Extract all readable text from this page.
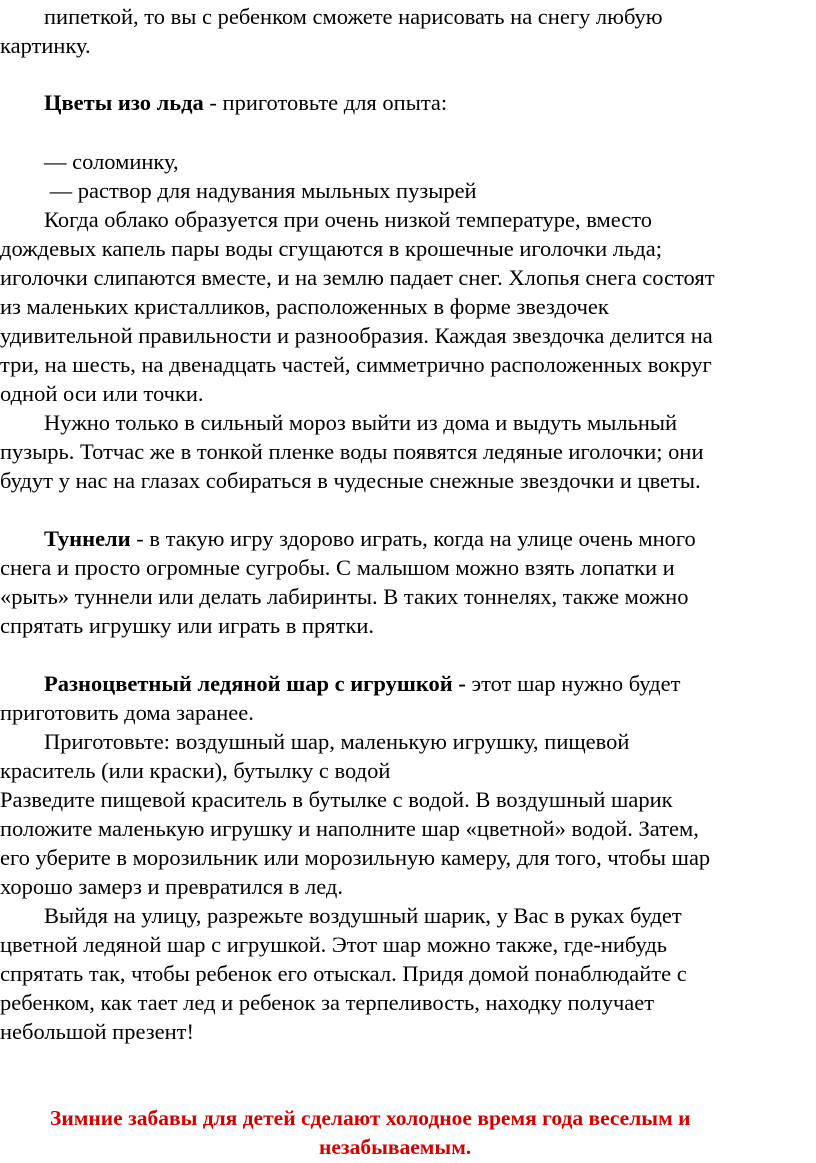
пипеткой, то вы с ребенком сможете нарисовать на снегу любую
картинку.
Цветы изо льда - приготовьте для опыта:
— соломинку,
— раствор для надувания мыльных пузырей
Когда облако образуется при очень низкой температуре, вместо
дождевых капель пары воды сгущаются в крошечные иголочки льда;
иголочки слипаются вместе, и на землю падает снег. Хлопья снега состоят
из маленьких кристалликов, расположенных в форме звездочек
удивительной правильности и разнообразия. Каждая звездочка делится на
три, на шесть, на двенадцать частей, симметрично расположенных вокруг
одной оси или точки.
Нужно только в сильный мороз выйти из дома и выдуть мыльный
пузырь. Тотчас же в тонкой пленке воды появятся ледяные иголочки; они
будут у нас на глазах собираться в чудесные снежные звездочки и цветы.
Туннели - в такую игру здорово играть, когда на улице очень много
снега и просто огромные сугробы. С малышом можно взять лопатки и
«рыть» туннели или делать лабиринты. В таких тоннелях, также можно
спрятать игрушку или играть в прятки.
Разноцветный ледяной шар с игрушкой - этот шар нужно будет
приготовить дома заранее.
Приготовьте: воздушный шар, маленькую игрушку, пищевой
краситель (или краски), бутылку с водой
Разведите пищевой краситель в бутылке с водой. В воздушный шарик
положите маленькую игрушку и наполните шар «цветной» водой. Затем,
его уберите в морозильник или морозильную камеру, для того, чтобы шар
хорошо замерз и превратился в лед.
Выйдя на улицу, разрежьте воздушный шарик, у Вас в руках будет
цветной ледяной шар с игрушкой. Этот шар можно также, где-нибудь
спрятать так, чтобы ребенок его отыскал. Придя домой понаблюдайте с
ребенком, как тает лед и ребенок за терпеливость, находку получает
небольшой презент!
Зимние забавы для детей сделают холодное время года веселым и
незабываемым.
